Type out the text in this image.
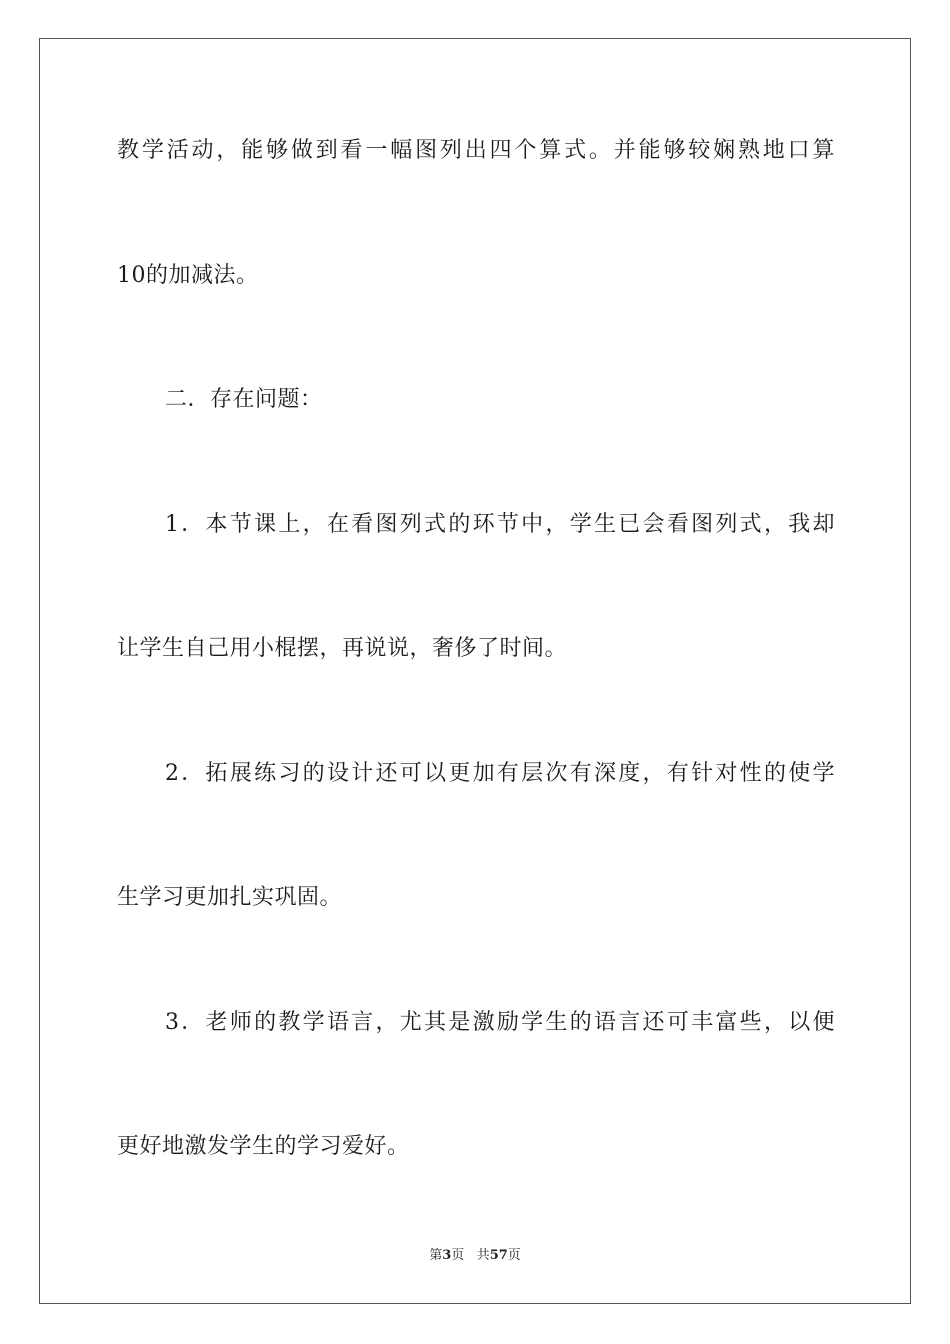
教学活动，能够做到看一幅图列出四个算式。并能够较娴熟地口算
10的加减法。
二．存在问题：
1．本节课上，在看图列式的环节中，学生已会看图列式，我却
让学生自己用小棍摆，再说说，奢侈了时间。
2．拓展练习的设计还可以更加有层次有深度，有针对性的使学
生学习更加扎实巩固。
3．老师的教学语言，尤其是激励学生的语言还可丰富些，以便
更好地激发学生的学习爱好。
第3页 共57页
